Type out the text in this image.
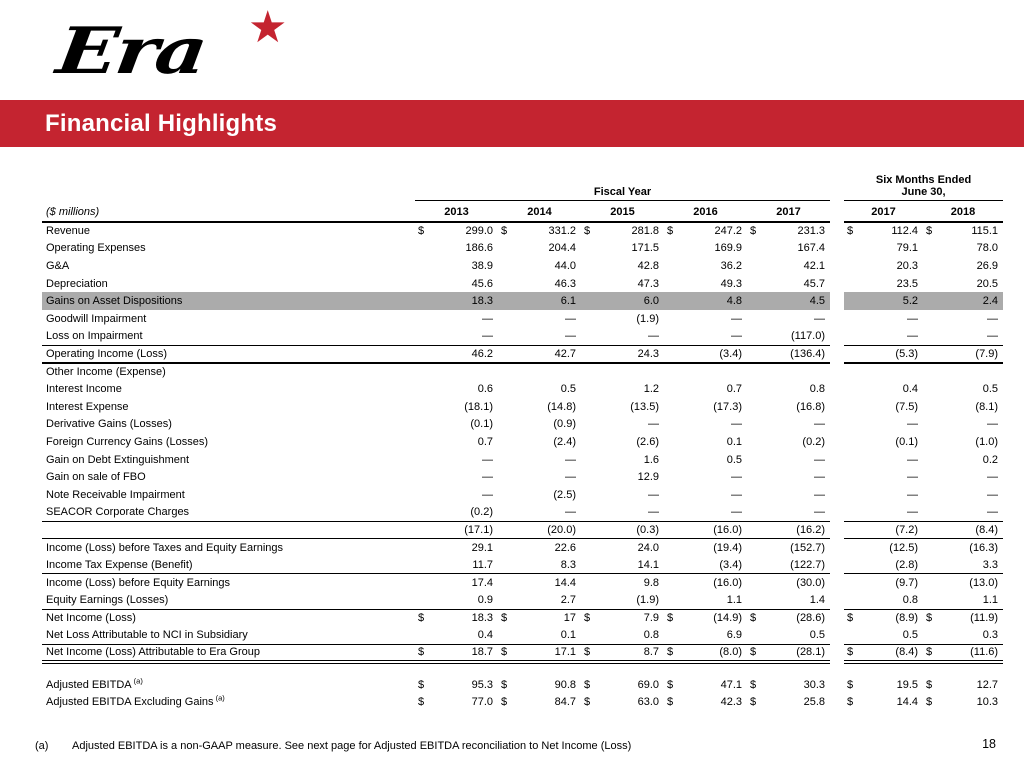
Era ★
Financial Highlights
	Fiscal Year						Six Months Ended
June 30,	
($ millions)	2013	2014	2015	2016	2017		2017	2018
Revenue	$ 299.0	$ 331.2	$ 281.8	$ 247.2	$ 231.3		$ 112.4	$ 115.1
Operating Expenses	186.6	204.4	171.5	169.9	167.4		79.1	78.0
G&A	38.9	44.0	42.8	36.2	42.1		20.3	26.9
Depreciation	45.6	46.3	47.3	49.3	45.7		23.5	20.5
Gains on Asset Dispositions	18.3	6.1	6.0	4.8	4.5		5.2	2.4
Goodwill Impairment	—	—	(1.9)	—	—		—	—
Loss on Impairment	—	—	—	—	(117.0)		—	—
Operating Income (Loss)	46.2	42.7	24.3	(3.4)	(136.4)		(5.3)	(7.9)
Other Income (Expense)								
Interest Income	0.6	0.5	1.2	0.7	0.8		0.4	0.5
Interest Expense	(18.1)	(14.8)	(13.5)	(17.3)	(16.8)		(7.5)	(8.1)
Derivative Gains (Losses)	(0.1)	(0.9)	—	—	—		—	—
Foreign Currency Gains (Losses)	0.7	(2.4)	(2.6)	0.1	(0.2)		(0.1)	(1.0)
Gain on Debt Extinguishment	—	—	1.6	0.5	—		—	0.2
Gain on sale of FBO	—	—	12.9	—	—		—	—
Note Receivable Impairment	—	(2.5)	—	—	—		—	—
SEACOR Corporate Charges	(0.2)	—	—	—	—		—	—
	(17.1)	(20.0)	(0.3)	(16.0)	(16.2)		(7.2)	(8.4)
Income (Loss) before Taxes and Equity Earnings	29.1	22.6	24.0	(19.4)	(152.7)		(12.5)	(16.3)
Income Tax Expense (Benefit)	11.7	8.3	14.1	(3.4)	(122.7)		(2.8)	3.3
Income (Loss) before Equity Earnings	17.4	14.4	9.8	(16.0)	(30.0)		(9.7)	(13.0)
Equity Earnings (Losses)	0.9	2.7	(1.9)	1.1	1.4		0.8	1.1
Net Income (Loss)	$ 18.3	$ 17	$ 7.9	$ (14.9)	$ (28.6)		$ (8.9)	$ (11.9)
Net Loss Attributable to NCI in Subsidiary	0.4	0.1	0.8	6.9	0.5		0.5	0.3
Net Income (Loss) Attributable to Era Group	$ 18.7	$ 17.1	$ 8.7	$ (8.0)	$ (28.1)		$ (8.4)	$ (11.6)

Adjusted EBITDA $^{(a)}$	$ 95.3	$ 90.8	$ 69.0	$ 47.1	$ 30.3		$ 19.5	$ 12.7
Adjusted EBITDA Excluding Gains $^{(a)}$	$ 77.0	$ 84.7	$ 63.0	$ 42.3	$ 25.8		$ 14.4	$ 10.3
(a) Adjusted EBITDA is a non-GAAP measure. See next page for Adjusted EBITDA reconciliation to Net Income (Loss)	18
